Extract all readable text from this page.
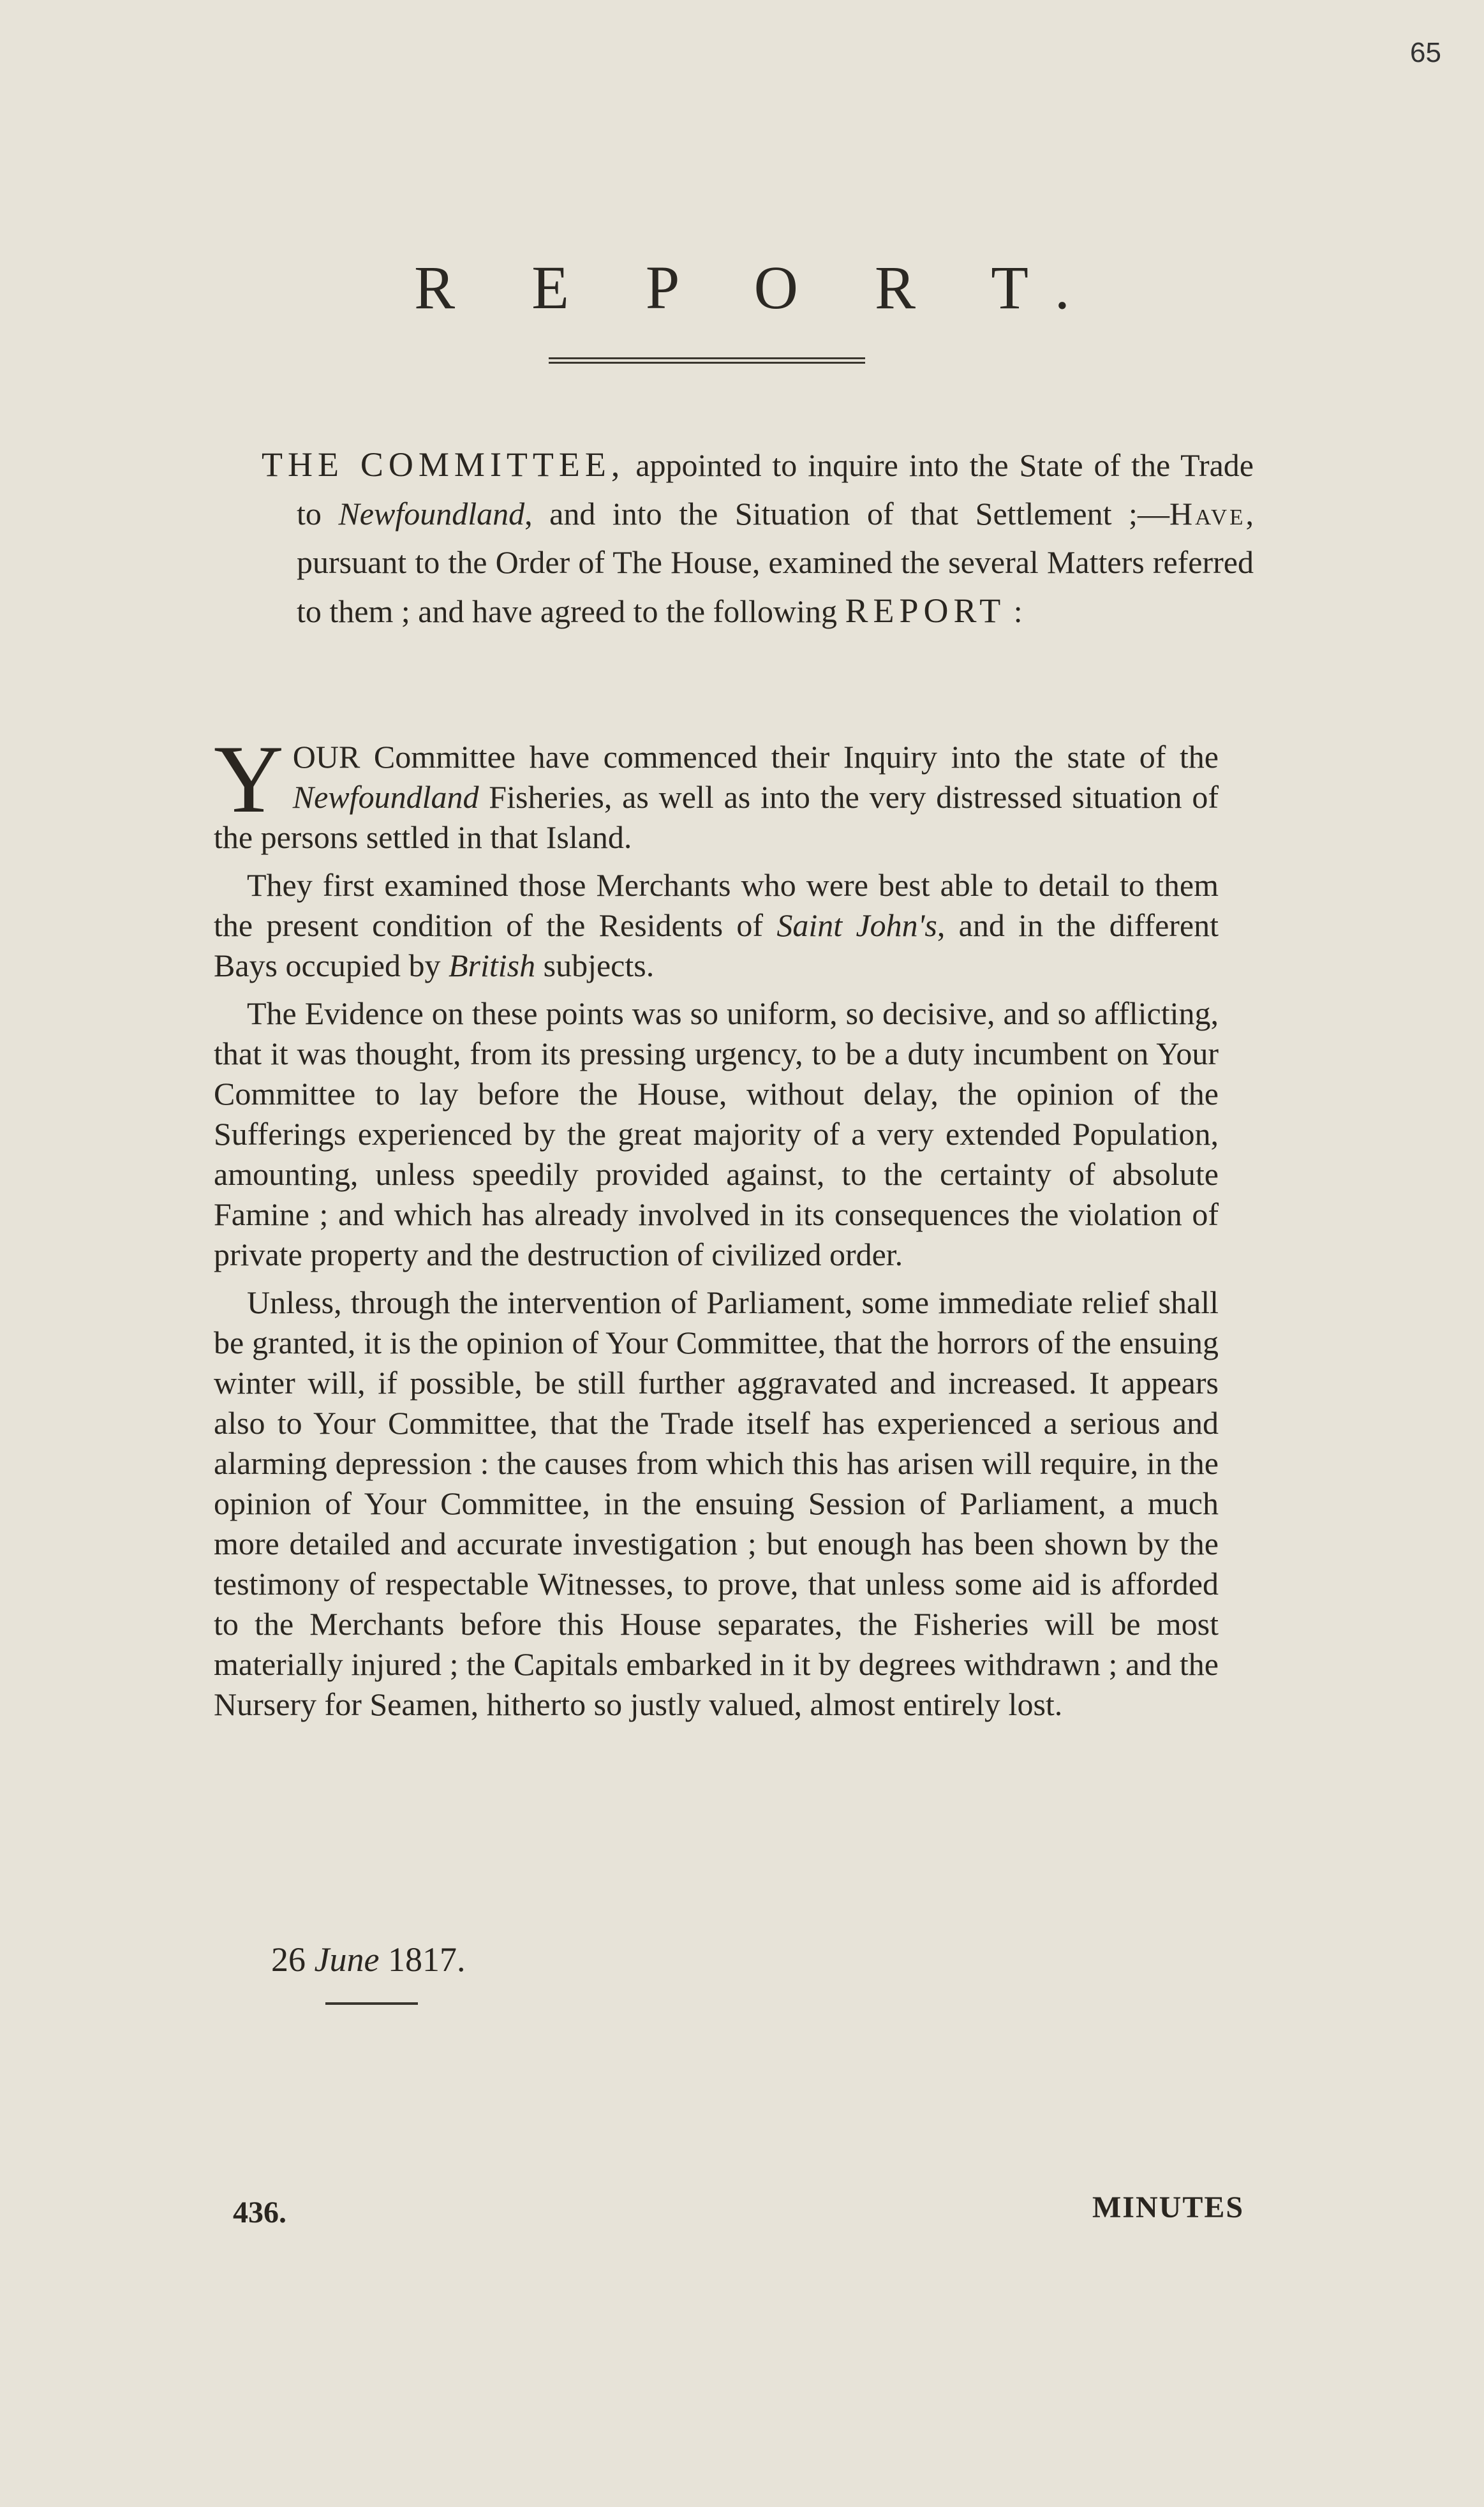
65
R E P O R T.
THE COMMITTEE, appointed to inquire into the State of the Trade to Newfoundland, and into the Situation of that Settlement ;—Have, pursuant to the Order of The House, examined the several Matters referred to them ; and have agreed to the following REPORT :

YOUR Committee have commenced their Inquiry into the state of the Newfoundland Fisheries, as well as into the very distressed situation of the persons settled in that Island.

They first examined those Merchants who were best able to detail to them the present condition of the Residents of Saint John's, and in the different Bays occupied by British subjects.

The Evidence on these points was so uniform, so decisive, and so afflicting, that it was thought, from its pressing urgency, to be a duty incumbent on Your Committee to lay before the House, without delay, the opinion of the Sufferings experienced by the great majority of a very extended Population, amounting, unless speedily provided against, to the certainty of absolute Famine ; and which has already involved in its consequences the violation of private property and the destruction of civilized order.

Unless, through the intervention of Parliament, some immediate relief shall be granted, it is the opinion of Your Committee, that the horrors of the ensuing winter will, if possible, be still further aggravated and increased. It appears also to Your Committee, that the Trade itself has experienced a serious and alarming depression : the causes from which this has arisen will require, in the opinion of Your Committee, in the ensuing Session of Parliament, a much more detailed and accurate investigation ; but enough has been shown by the testimony of respectable Witnesses, to prove, that unless some aid is afforded to the Merchants before this House separates, the Fisheries will be most materially injured ; the Capitals embarked in it by degrees withdrawn ; and the Nursery for Seamen, hitherto so justly valued, almost entirely lost.

26 June 1817.
436.	MINUTES
